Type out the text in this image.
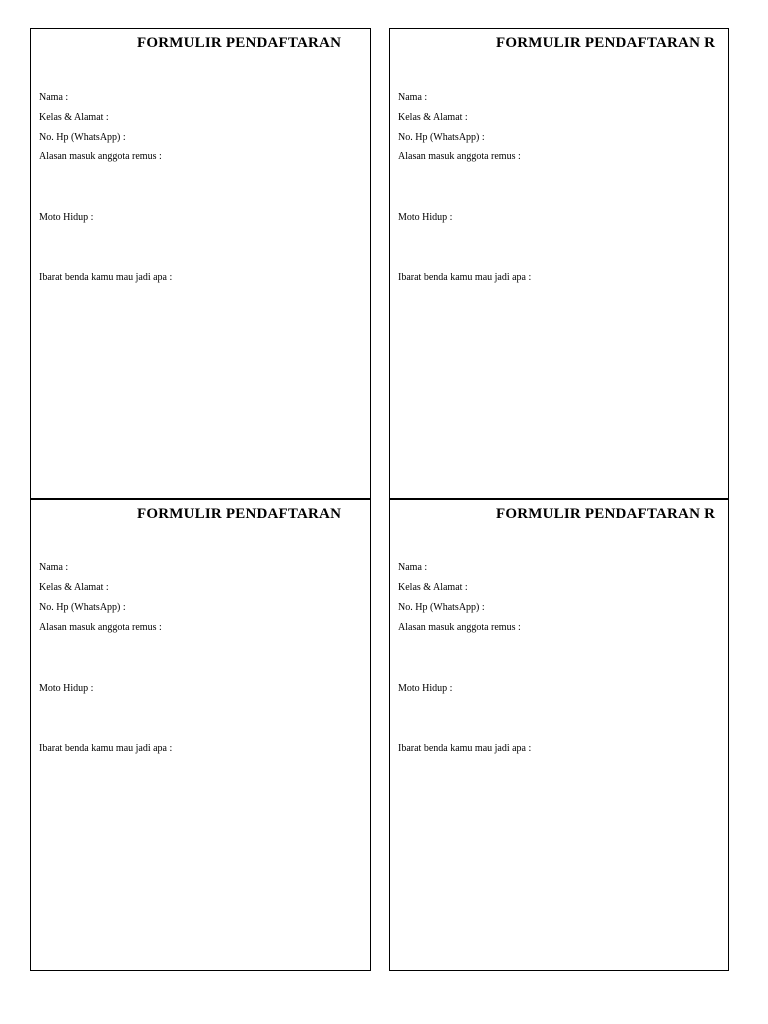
FORMULIR PENDAFTARAN
Nama :
Kelas & Alamat :
No. Hp (WhatsApp) :
Alasan masuk anggota remus :
Moto Hidup :
Ibarat benda kamu mau jadi apa :
FORMULIR PENDAFTARAN R
Nama :
Kelas & Alamat :
No. Hp (WhatsApp) :
Alasan masuk anggota remus :
Moto Hidup :
Ibarat benda kamu mau jadi apa :
FORMULIR PENDAFTARAN
Nama :
Kelas & Alamat :
No. Hp (WhatsApp) :
Alasan masuk anggota remus :
Moto Hidup :
Ibarat benda kamu mau jadi apa :
FORMULIR PENDAFTARAN R
Nama :
Kelas & Alamat :
No. Hp (WhatsApp) :
Alasan masuk anggota remus :
Moto Hidup :
Ibarat benda kamu mau jadi apa :
